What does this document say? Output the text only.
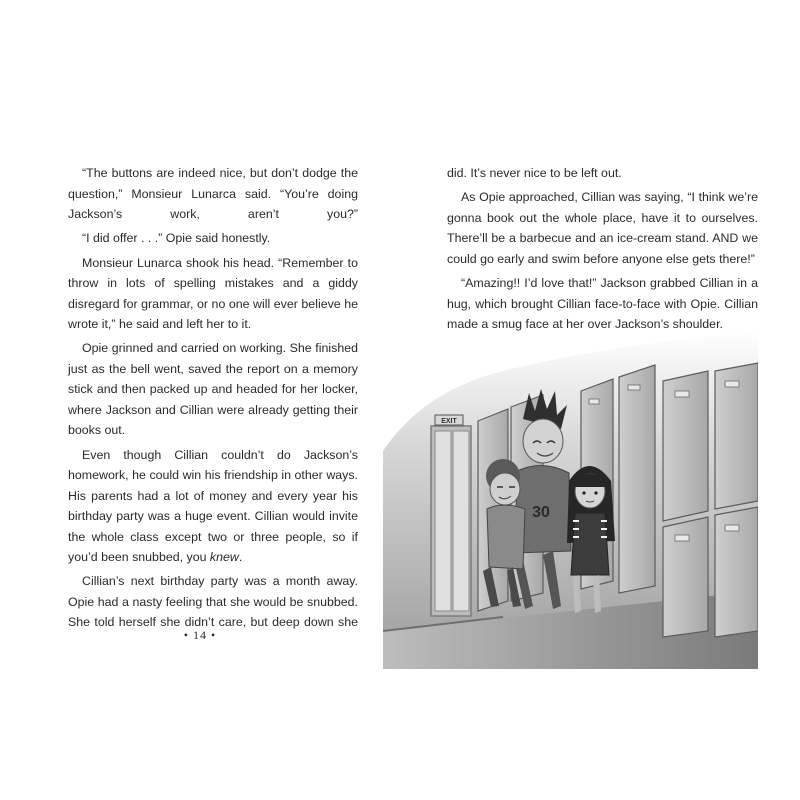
“The buttons are indeed nice, but don’t dodge the question,” Monsieur Lunarca said. “You’re doing Jackson’s work, aren’t you?”

“I did offer . . .” Opie said honestly.

Monsieur Lunarca shook his head. “Remember to throw in lots of spelling mistakes and a giddy disregard for grammar, or no one will ever believe he wrote it,” he said and left her to it.

Opie grinned and carried on working. She finished just as the bell went, saved the report on a memory stick and then packed up and headed for her locker, where Jackson and Cillian were already getting their books out.

Even though Cillian couldn’t do Jackson’s homework, he could win his friendship in other ways. His parents had a lot of money and every year his birthday party was a huge event. Cillian would invite the whole class except two or three people, so if you’d been snubbed, you knew.

Cillian’s next birthday party was a month away. Opie had a nasty feeling that she would be snubbed. She told herself she didn’t care, but deep down she

• 14 •

did. It’s never nice to be left out.

As Opie approached, Cillian was saying, “I think we’re gonna book out the whole place, have it to ourselves. There’ll be a barbecue and an ice-cream stand. AND we could go early and swim before anyone else gets there!”

“Amazing!! I’d love that!” Jackson grabbed Cillian in a hug, which brought Cillian face-to-face with Opie. Cillian made a smug face at her over Jackson’s shoulder.

EXIT
30
